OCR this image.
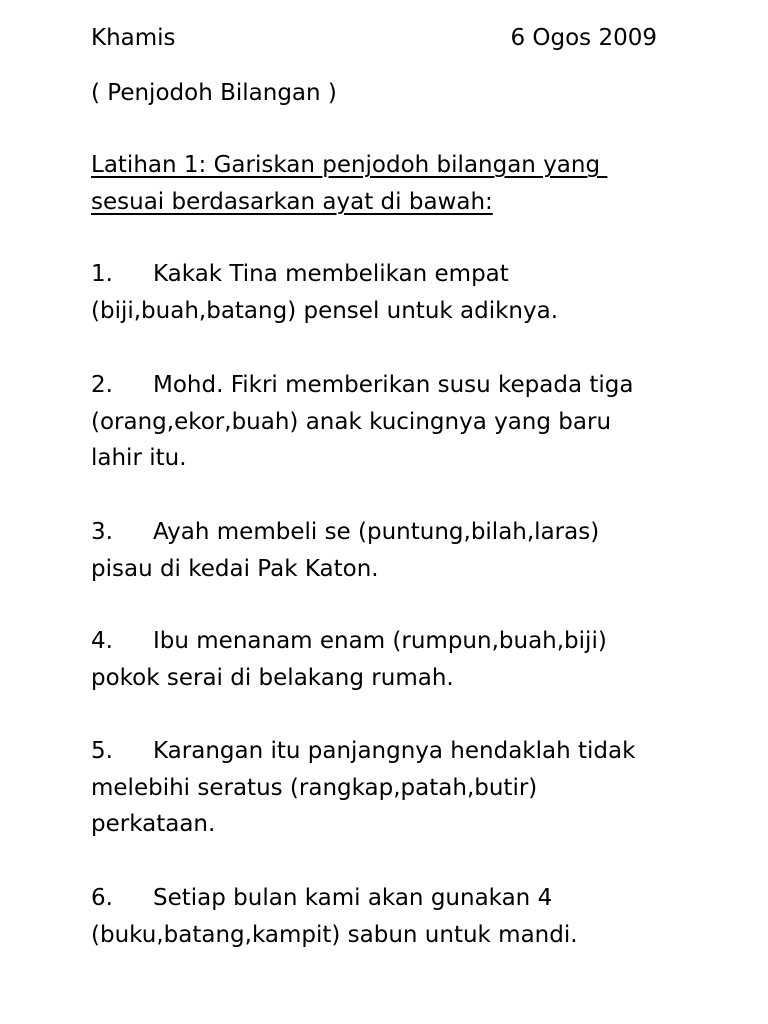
Khamis	6 Ogos 2009
( Penjodoh Bilangan )
Latihan 1: Gariskan penjodoh bilangan yang
sesuai berdasarkan ayat di bawah:
1. Kakak Tina membelikan empat
(biji,buah,batang) pensel untuk adiknya.
2. Mohd. Fikri memberikan susu kepada tiga
(orang,ekor,buah) anak kucingnya yang baru
lahir itu.
3. Ayah membeli se (puntung,bilah,laras)
pisau di kedai Pak Katon.
4. Ibu menanam enam (rumpun,buah,biji)
pokok serai di belakang rumah.
5. Karangan itu panjangnya hendaklah tidak
melebihi seratus (rangkap,patah,butir)
perkataan.
6. Setiap bulan kami akan gunakan 4
(buku,batang,kampit) sabun untuk mandi.
